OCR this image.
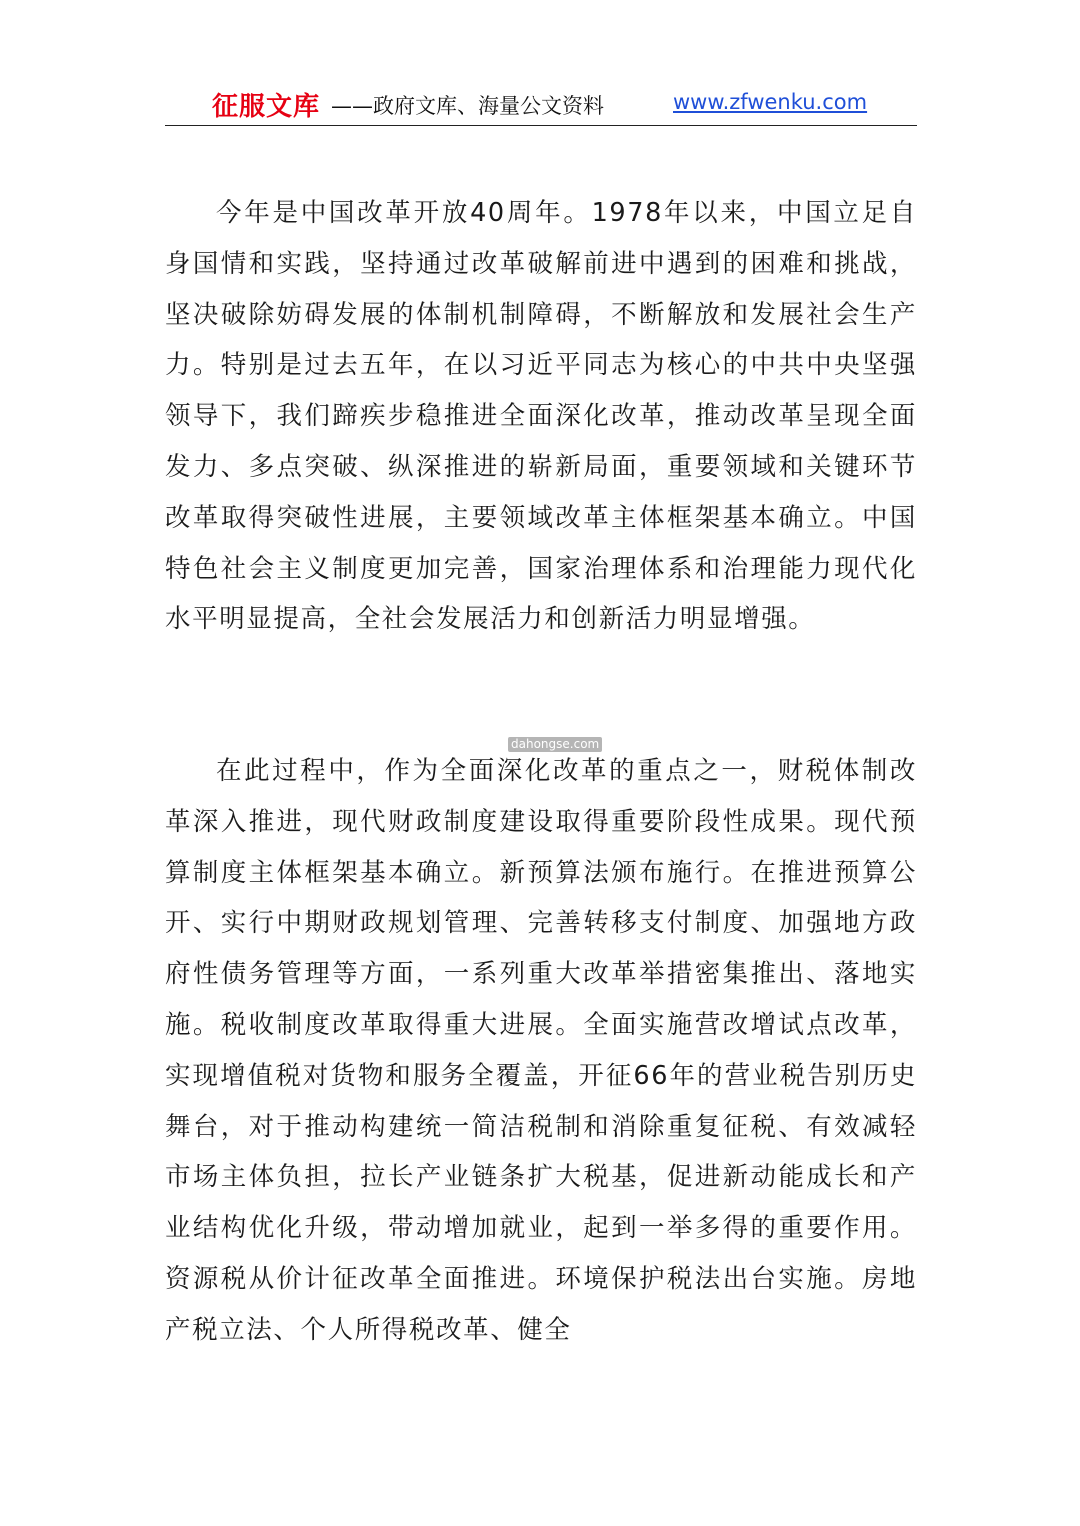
征服文库 ——政府文库、海量公文资料	www.zfwenku.com

今年是中国改革开放40周年。1978年以来，中国立足自身国情和实践，坚持通过改革破解前进中遇到的困难和挑战，坚决破除妨碍发展的体制机制障碍，不断解放和发展社会生产力。特别是过去五年，在以习近平同志为核心的中共中央坚强领导下，我们蹄疾步稳推进全面深化改革，推动改革呈现全面发力、多点突破、纵深推进的崭新局面，重要领域和关键环节改革取得突破性进展，主要领域改革主体框架基本确立。中国特色社会主义制度更加完善，国家治理体系和治理能力现代化水平明显提高，全社会发展活力和创新活力明显增强。

dahongse.com

在此过程中，作为全面深化改革的重点之一，财税体制改革深入推进，现代财政制度建设取得重要阶段性成果。现代预算制度主体框架基本确立。新预算法颁布施行。在推进预算公开、实行中期财政规划管理、完善转移支付制度、加强地方政府性债务管理等方面，一系列重大改革举措密集推出、落地实施。税收制度改革取得重大进展。全面实施营改增试点改革，实现增值税对货物和服务全覆盖，开征66年的营业税告别历史舞台，对于推动构建统一简洁税制和消除重复征税、有效减轻市场主体负担，拉长产业链条扩大税基，促进新动能成长和产业结构优化升级，带动增加就业，起到一举多得的重要作用。资源税从价计征改革全面推进。环境保护税法出台实施。房地产税立法、个人所得税改革、健全
